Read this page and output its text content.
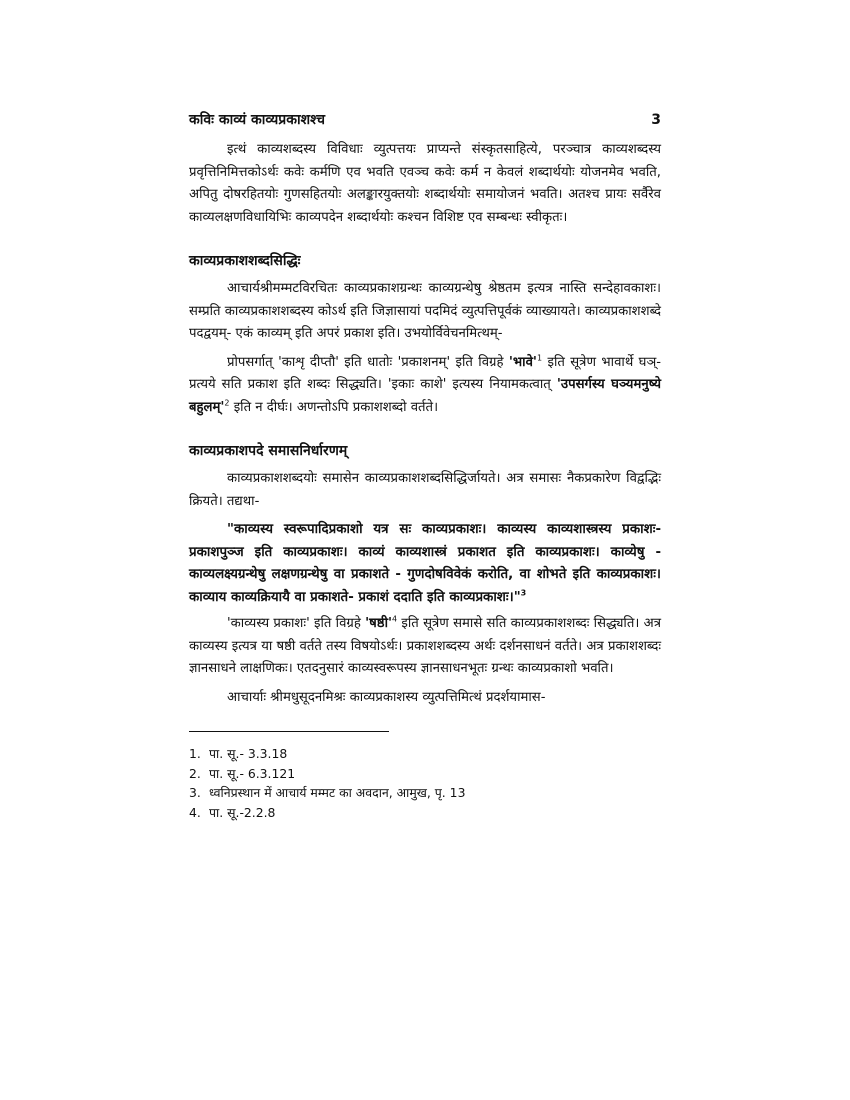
कविः काव्यं काव्यप्रकाशश्च	3

इत्थं काव्यशब्दस्य विविधाः व्युत्पत्तयः प्राप्यन्ते संस्कृतसाहित्ये, परञ्चात्र काव्यशब्दस्य प्रवृत्तिनिमित्तकोऽर्थः कवेः कर्मणि एव भवति एवञ्च कवेः कर्म न केवलं शब्दार्थयोः योजनमेव भवति, अपितु दोषरहितयोः गुणसहितयोः अलङ्कारयुक्तयोः शब्दार्थयोः समायोजनं भवति। अतश्च प्रायः सर्वैरेव काव्यलक्षणविधायिभिः काव्यपदेन शब्दार्थयोः कश्चन विशिष्ट एव सम्बन्धः स्वीकृतः।

काव्यप्रकाशशब्दसिद्धिः

आचार्यश्रीमम्मटविरचितः काव्यप्रकाशग्रन्थः काव्यग्रन्थेषु श्रेष्ठतम इत्यत्र नास्ति सन्देहावकाशः। सम्प्रति काव्यप्रकाशशब्दस्य कोऽर्थ इति जिज्ञासायां पदमिदं व्युत्पत्तिपूर्वकं व्याख्यायते। काव्यप्रकाशशब्दे पदद्वयम्- एकं काव्यम् इति अपरं प्रकाश इति। उभयोर्विवेचनमित्थम्-

प्रोपसर्गात् 'काशृ दीप्तौ' इति धातोः 'प्रकाशनम्' इति विग्रहे '$भावे'^1$ इति सूत्रेण भावार्थे घञ्-प्रत्यये सति प्रकाश इति शब्दः सिद्ध्यति। 'इकाः काशे' इत्यस्य नियामकत्वात् 'उपसर्गस्य घञ्यमनुष्ये $बहुलम्'^2$ इति न दीर्घः। अणन्तोऽपि प्रकाशशब्दो वर्तते।

काव्यप्रकाशपदे समासनिर्धारणम्

काव्यप्रकाशशब्दयोः समासेन काव्यप्रकाशशब्दसिद्धिर्जायते। अत्र समासः नैकप्रकारेण विद्वद्भिः क्रियते। तद्यथा-

"काव्यस्य स्वरूपादिप्रकाशो यत्र सः काव्यप्रकाशः। काव्यस्य काव्यशास्त्रस्य प्रकाशः- प्रकाशपुञ्ज इति काव्यप्रकाशः। काव्यं काव्यशास्त्रं प्रकाशत इति काव्यप्रकाशः। काव्येषु - काव्यलक्ष्यग्रन्थेषु लक्षणग्रन्थेषु वा प्रकाशते - गुणदोषविवेकं करोति, वा शोभते इति काव्यप्रकाशः। काव्याय काव्यक्रियायै वा प्रकाशते- प्रकाशं ददाति इति काव्यप्रकाशः।"$^3$

'काव्यस्य प्रकाशः' इति विग्रहे '$षष्ठी'^4$ इति सूत्रेण समासे सति काव्यप्रकाशशब्दः सिद्ध्यति। अत्र काव्यस्य इत्यत्र या षष्ठी वर्तते तस्य विषयोऽर्थः। प्रकाशशब्दस्य अर्थः दर्शनसाधनं वर्तते। अत्र प्रकाशशब्दः ज्ञानसाधने लाक्षणिकः। एतदनुसारं काव्यस्वरूपस्य ज्ञानसाधनभूतः ग्रन्थः काव्यप्रकाशो भवति।

आचार्याः श्रीमधुसूदनमिश्रः काव्यप्रकाशस्य व्युत्पत्तिमित्थं प्रदर्शयामास-

1. पा. सू.- 3.3.18
2. पा. सू.- 6.3.121
3. ध्वनिप्रस्थान में आचार्य मम्मट का अवदान, आमुख, पृ. 13
4. पा. सू.-2.2.8
